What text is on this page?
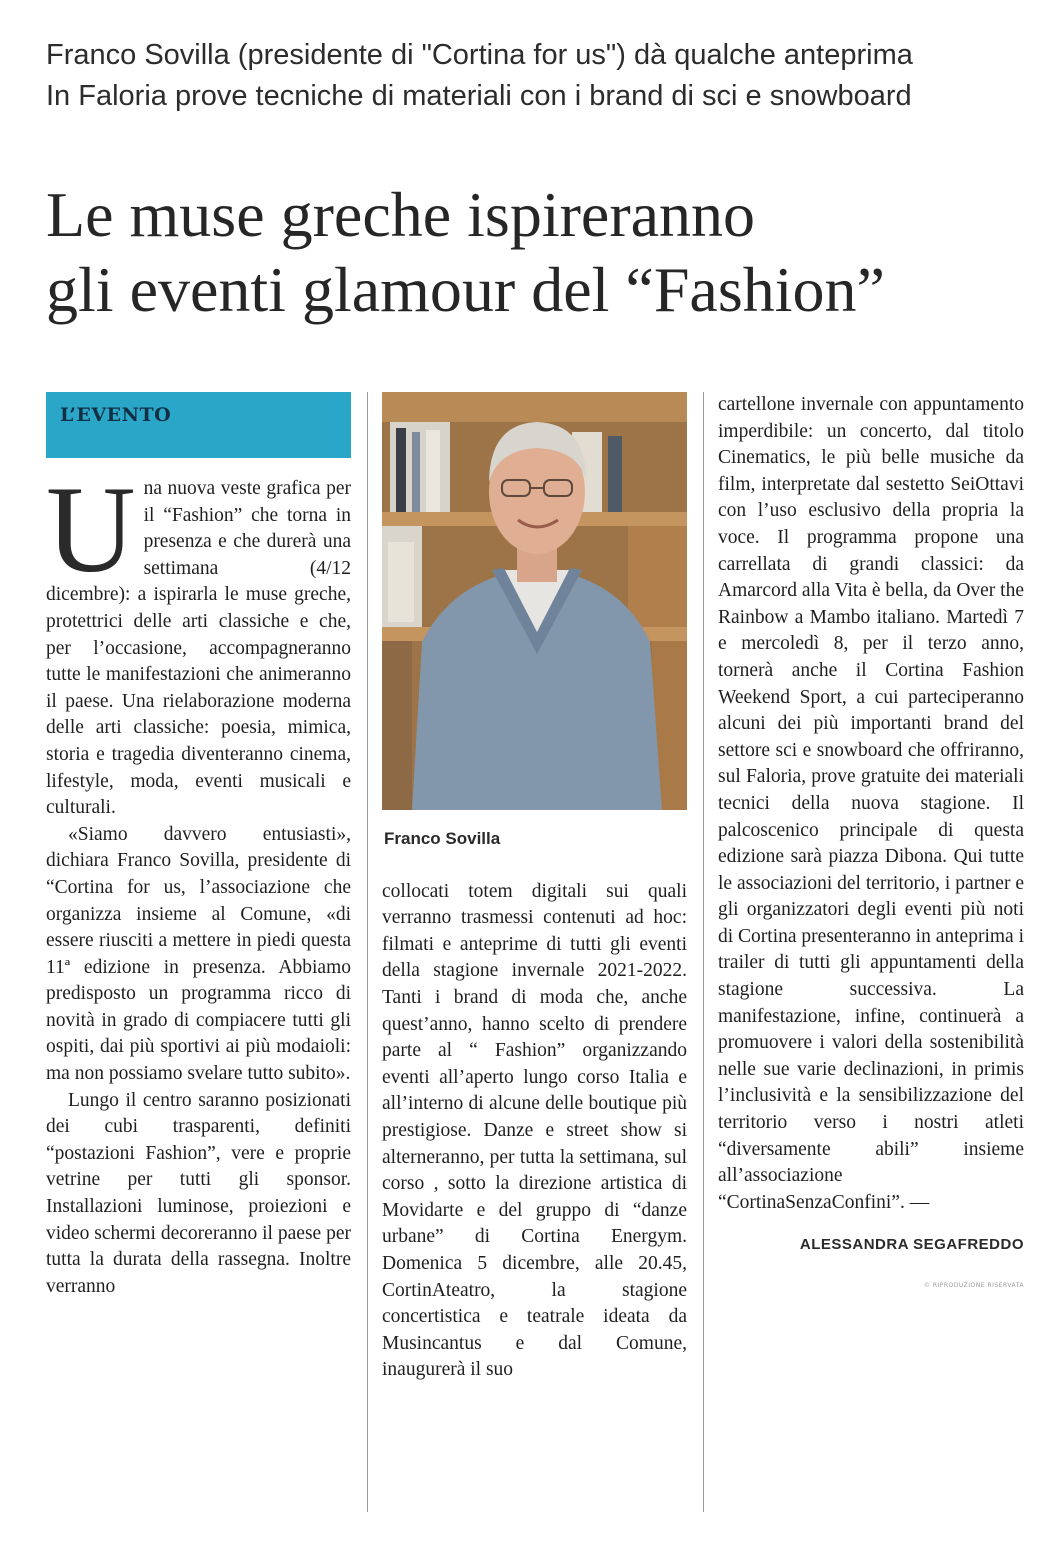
Franco Sovilla (presidente di "Cortina for us") dà qualche anteprima
In Faloria prove tecniche di materiali con i brand di sci e snowboard
Le muse greche ispireranno
gli eventi glamour del “Fashion”
L’EVENTO

Una nuova veste grafica per il “Fashion” che torna in presenza e che durerà una settimana (4/12 dicembre): a ispirarla le muse greche, protettrici delle arti classiche e che, per l’occasione, accompagneranno tutte le manifestazioni che animeranno il paese. Una rielaborazione moderna delle arti classiche: poesia, mimica, storia e tragedia diventeranno cinema, lifestyle, moda, eventi musicali e culturali.

«Siamo davvero entusiasti», dichiara Franco Sovilla, presidente di “Cortina for us, l’associazione che organizza insieme al Comune, «di essere riusciti a mettere in piedi questa 11ª edizione in presenza. Abbiamo predisposto un programma ricco di novità in grado di compiacere tutti gli ospiti, dai più sportivi ai più modaioli: ma non possiamo svelare tutto subito».

Lungo il centro saranno posizionati dei cubi trasparenti, definiti “postazioni Fashion”, vere e proprie vetrine per tutti gli sponsor. Installazioni luminose, proiezioni e video schermi decoreranno il paese per tutta la durata della rassegna. Inoltre verranno

Franco Sovilla

collocati totem digitali sui quali verranno trasmessi contenuti ad hoc: filmati e anteprime di tutti gli eventi della stagione invernale 2021-2022. Tanti i brand di moda che, anche quest’anno, hanno scelto di prendere parte al “ Fashion” organizzando eventi all’aperto lungo corso Italia e all’interno di alcune delle boutique più prestigiose. Danze e street show si alterneranno, per tutta la settimana, sul corso , sotto la direzione artistica di Movidarte e del gruppo di “danze urbane” di Cortina Energym. Domenica 5 dicembre, alle 20.45, CortinAteatro, la stagione concertistica e teatrale ideata da Musincantus e dal Comune, inaugurerà il suo

cartellone invernale con appuntamento imperdibile: un concerto, dal titolo Cinematics, le più belle musiche da film, interpretate dal sestetto SeiOttavi con l’uso esclusivo della propria la voce. Il programma propone una carrellata di grandi classici: da Amarcord alla Vita è bella, da Over the Rainbow a Mambo italiano. Martedì 7 e mercoledì 8, per il terzo anno, tornerà anche il Cortina Fashion Weekend Sport, a cui parteciperanno alcuni dei più importanti brand del settore sci e snowboard che offriranno, sul Faloria, prove gratuite dei materiali tecnici della nuova stagione. Il palcoscenico principale di questa edizione sarà piazza Dibona. Qui tutte le associazioni del territorio, i partner e gli organizzatori degli eventi più noti di Cortina presenteranno in anteprima i trailer di tutti gli appuntamenti della stagione successiva. La manifestazione, infine, continuerà a promuovere i valori della sostenibilità nelle sue varie declinazioni, in primis l’inclusività e la sensibilizzazione del territorio verso i nostri atleti “diversamente abili” insieme all’associazione “CortinaSenzaConfini”. —

ALESSANDRA SEGAFREDDO
© RIPRODUZIONE RISERVATA
